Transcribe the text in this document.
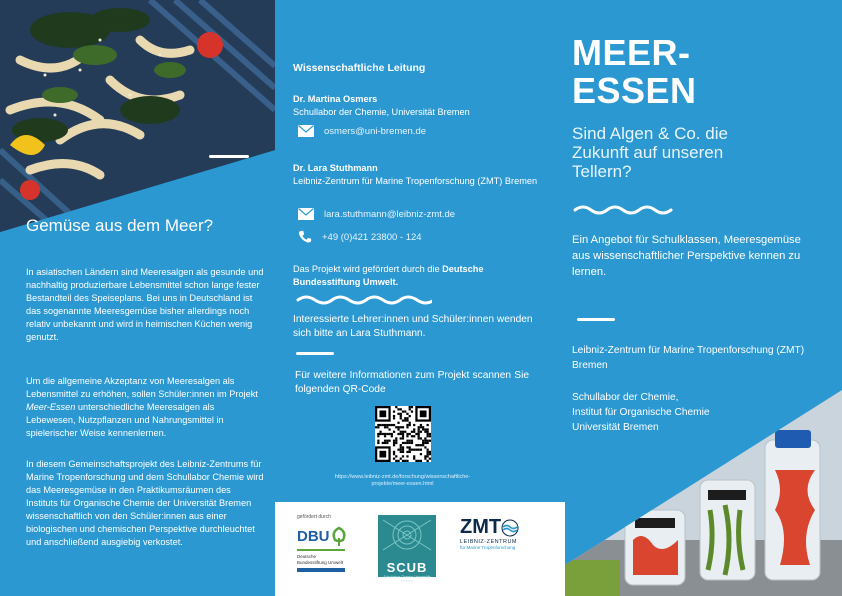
Gemüse aus dem Meer?
In asiatischen Ländern sind Meeresalgen als gesunde und nachhaltig produzierbare Lebensmittel schon lange fester Bestandteil des Speiseplans. Bei uns in Deutschland ist das sogenannte Meeresgemüse bisher allerdings noch relativ unbekannt und wird in heimischen Küchen wenig genutzt.
Um die allgemeine Akzeptanz von Meeresalgen als Lebensmittel zu erhöhen, sollen Schüler:innen im Projekt Meer-Essen unterschiedliche Meeresalgen als Lebewesen, Nutzpflanzen und Nahrungsmittel in spielerischer Weise kennenlernen.
In diesem Gemeinschaftsprojekt des Leibniz-Zentrums für Marine Tropenforschung und dem Schullabor Chemie wird das Meeresgemüse in den Praktikumsräumen des Instituts für Organische Chemie der Universität Bremen wissenschaftlich von den Schüler:innen aus einer biologischen und chemischen Perspektive durchleuchtet und anschließend ausgiebig verkostet.
Wissenschaftliche Leitung
Dr. Martina Osmers
Schullabor der Chemie, Universität Bremen
osmers@uni-bremen.de
Dr. Lara Stuthmann
Leibniz-Zentrum für Marine Tropenforschung (ZMT) Bremen
lara.stuthmann@leibniz-zmt.de
+49 (0)421 23800 - 124
Das Projekt wird gefördert durch die Deutsche Bundesstiftung Umwelt.
Interessierte Lehrer:innen und Schüler:innen wenden sich bitte an Lara Stuthmann.
Für weitere Informationen zum Projekt scannen Sie folgenden QR-Code
https://www.leibniz-zmt.de/forschung/wissenschaftliche-projekte/meer-essen.html
gefördert durch
DBU
Deutsche Bundesstiftung Umwelt	SCUB
Schullabor Chemie Universität Bremen
ZMT
LEIBNIZ-ZENTRUM
für Marine Tropenforschung
MEER-
ESSEN
Sind Algen & Co. die Zukunft auf unseren Tellern?
Ein Angebot für Schulklassen, Meeresgemüse aus wissenschaftlicher Perspektive kennen zu lernen.
Leibniz-Zentrum für Marine Tropenforschung (ZMT) Bremen
Schullabor der Chemie,
Institut für Organische Chemie
Universität Bremen
